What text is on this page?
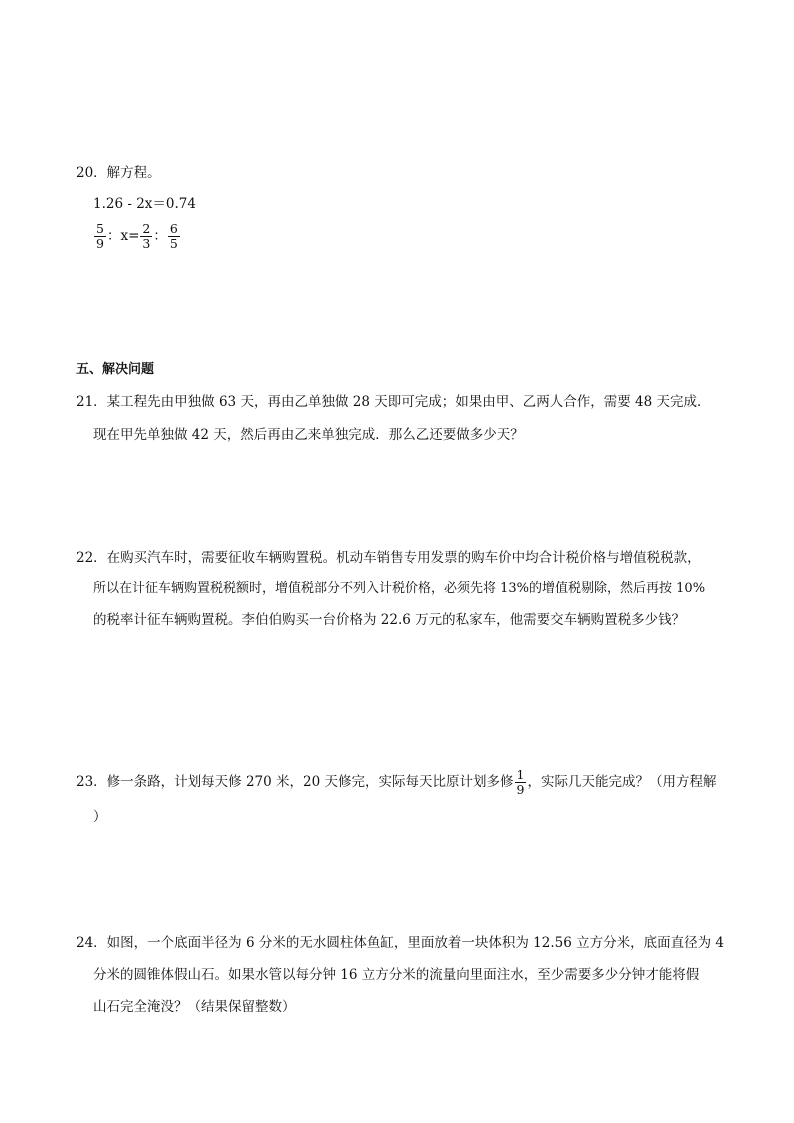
20．解方程。
1.26 - 2x＝0.74
$\frac{5}{9}$ ：$x= \frac{2}{3}$ ： $\frac{6}{5}$
五、解决问题
21．某工程先由甲独做 63 天，再由乙单独做 28 天即可完成；如果由甲、乙两人合作，需要 48 天完成．
现在甲先单独做 42 天，然后再由乙来单独完成．那么乙还要做多少天？
22．在购买汽车时，需要征收车辆购置税。机动车销售专用发票的购车价中均合计税价格与增值税税款，
所以在计征车辆购置税税额时，增值税部分不列入计税价格，必须先将 13%的增值税剔除，然后再按 10%
的税率计征车辆购置税。李伯伯购买一台价格为 22.6 万元的私家车，他需要交车辆购置税多少钱？
23．修一条路，计划每天修 270 米，20 天修完，实际每天比原计划多修 $\frac{1}{9}$ ，实际几天能完成？（用方程解
）
24．如图，一个底面半径为 6 分米的无水圆柱体鱼缸，里面放着一块体积为 12.56 立方分米，底面直径为 4
分米的圆锥体假山石。如果水管以每分钟 16 立方分米的流量向里面注水，至少需要多少分钟才能将假
山石完全淹没？（结果保留整数）
